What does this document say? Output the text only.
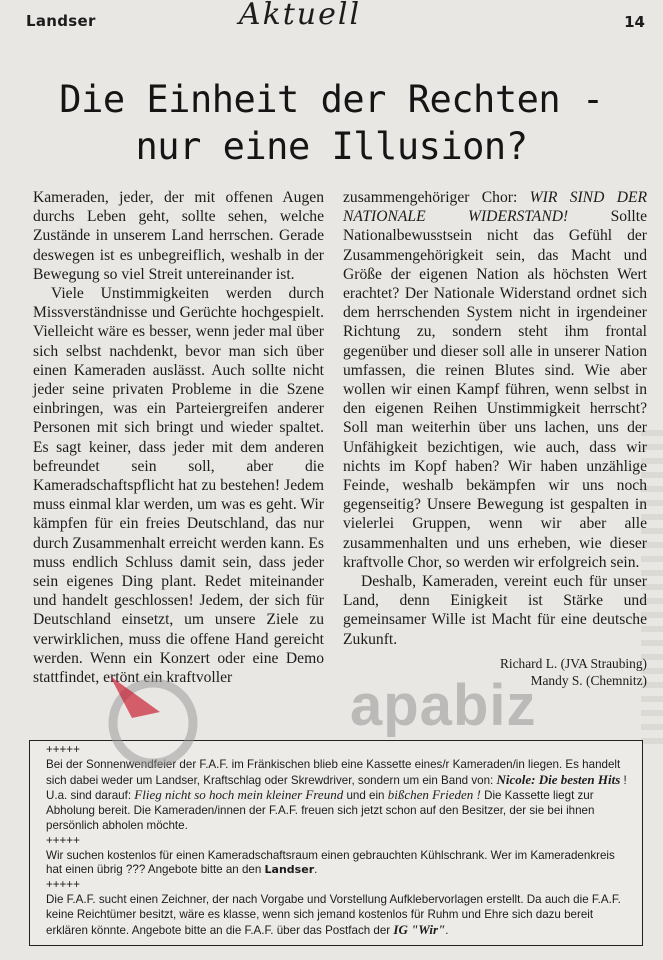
Landser	Aktuell	14
Die Einheit der Rechten -
nur eine Illusion?

Kameraden, jeder, der mit offenen Augen durchs Leben geht, sollte sehen, welche Zustände in unserem Land herrschen. Gerade deswegen ist es unbegreiflich, weshalb in der Bewegung so viel Streit untereinander ist.

Viele Unstimmigkeiten werden durch Missverständnisse und Gerüchte hochgespielt. Vielleicht wäre es besser, wenn jeder mal über sich selbst nachdenkt, bevor man sich über einen Kameraden auslässt. Auch sollte nicht jeder seine privaten Probleme in die Szene einbringen, was ein Parteiergreifen anderer Personen mit sich bringt und wieder spaltet. Es sagt keiner, dass jeder mit dem anderen befreundet sein soll, aber die Kameradschaftspflicht hat zu bestehen! Jedem muss einmal klar werden, um was es geht. Wir kämpfen für ein freies Deutschland, das nur durch Zusammenhalt erreicht werden kann. Es muss endlich Schluss damit sein, dass jeder sein eigenes Ding plant. Redet miteinander und handelt geschlossen! Jedem, der sich für Deutschland einsetzt, um unsere Ziele zu verwirklichen, muss die offene Hand gereicht werden. Wenn ein Konzert oder eine Demo stattfindet, ertönt ein kraftvoller

zusammengehöriger Chor: WIR SIND DER NATIONALE WIDERSTAND! Sollte Nationalbewusstsein nicht das Gefühl der Zusammengehörigkeit sein, das Macht und Größe der eigenen Nation als höchsten Wert erachtet? Der Nationale Widerstand ordnet sich dem herrschenden System nicht in irgendeiner Richtung zu, sondern steht ihm frontal gegenüber und dieser soll alle in unserer Nation umfassen, die reinen Blutes sind. Wie aber wollen wir einen Kampf führen, wenn selbst in den eigenen Reihen Unstimmigkeit herrscht? Soll man weiterhin über uns lachen, uns der Unfähigkeit bezichtigen, wie auch, dass wir nichts im Kopf haben? Wir haben unzählige Feinde, weshalb bekämpfen wir uns noch gegenseitig? Unsere Bewegung ist gespalten in vielerlei Gruppen, wenn wir aber alle zusammenhalten und uns erheben, wie dieser kraftvolle Chor, so werden wir erfolgreich sein.

Deshalb, Kameraden, vereint euch für unser Land, denn Einigkeit ist Stärke und gemeinsamer Wille ist Macht für eine deutsche Zukunft.

Richard L. (JVA Straubing)
Mandy S. (Chemnitz)
+++++

Bei der Sonnenwendfeier der F.A.F. im Fränkischen blieb eine Kassette eines/r Kameraden/in liegen. Es handelt sich dabei weder um Landser, Kraftschlag oder Skrewdriver, sondern um ein Band von: Nicole: Die besten Hits ! U.a. sind darauf: Flieg nicht so hoch mein kleiner Freund und ein bißchen Frieden ! Die Kassette liegt zur Abholung bereit. Die Kameraden/innen der F.A.F. freuen sich jetzt schon auf den Besitzer, der sie bei ihnen persönlich abholen möchte.

+++++

Wir suchen kostenlos für einen Kameradschaftsraum einen gebrauchten Kühlschrank. Wer im Kameradenkreis hat einen übrig ??? Angebote bitte an den Landser.

+++++

Die F.A.F. sucht einen Zeichner, der nach Vorgabe und Vorstellung Aufklebervorlagen erstellt. Da auch die F.A.F. keine Reichtümer besitzt, wäre es klasse, wenn sich jemand kostenlos für Ruhm und Ehre sich dazu bereit erklären könnte. Angebote bitte an die F.A.F. über das Postfach der IG "Wir".

apabiz
